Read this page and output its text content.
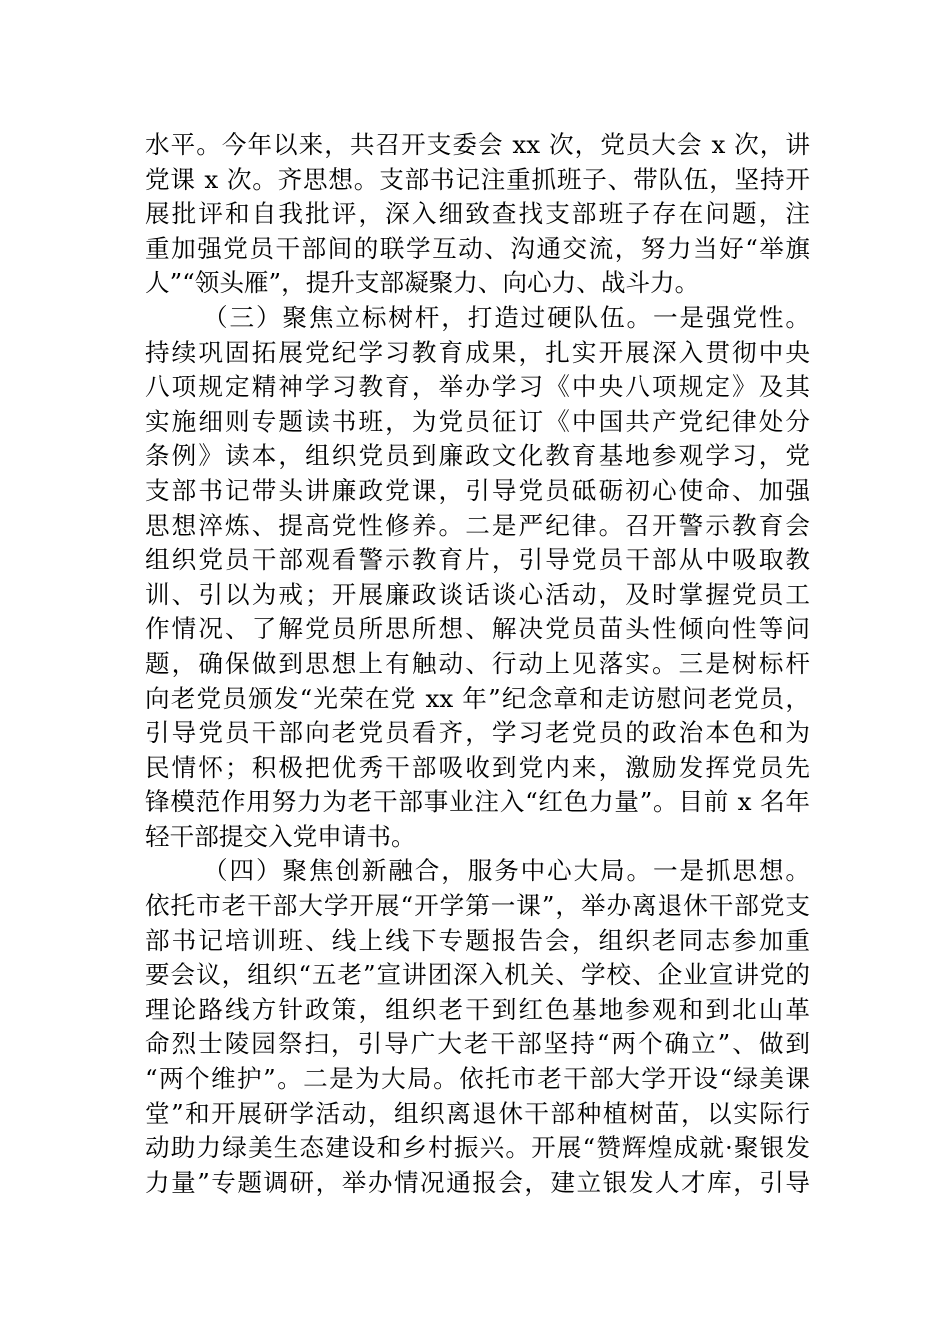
水平。今年以来，共召开支委会 xx 次，党员大会 x 次，讲
党课 x 次。齐思想。支部书记注重抓班子、带队伍，坚持开
展批评和自我批评，深入细致查找支部班子存在问题，注
重加强党员干部间的联学互动、沟通交流，努力当好“举旗
人”“领头雁”，提升支部凝聚力、向心力、战斗力。
（三）聚焦立标树杆，打造过硬队伍。一是强党性。
持续巩固拓展党纪学习教育成果，扎实开展深入贯彻中央
八项规定精神学习教育，举办学习《中央八项规定》及其
实施细则专题读书班，为党员征订《中国共产党纪律处分
条例》读本，组织党员到廉政文化教育基地参观学习，党
支部书记带头讲廉政党课，引导党员砥砺初心使命、加强
思想淬炼、提高党性修养。二是严纪律。召开警示教育会
组织党员干部观看警示教育片，引导党员干部从中吸取教
训、引以为戒；开展廉政谈话谈心活动，及时掌握党员工
作情况、了解党员所思所想、解决党员苗头性倾向性等问
题，确保做到思想上有触动、行动上见落实。三是树标杆
向老党员颁发“光荣在党 xx 年”纪念章和走访慰问老党员，
引导党员干部向老党员看齐，学习老党员的政治本色和为
民情怀；积极把优秀干部吸收到党内来，激励发挥党员先
锋模范作用努力为老干部事业注入“红色力量”。目前 x 名年
轻干部提交入党申请书。
（四）聚焦创新融合，服务中心大局。一是抓思想。
依托市老干部大学开展“开学第一课”，举办离退休干部党支
部书记培训班、线上线下专题报告会，组织老同志参加重
要会议，组织“五老”宣讲团深入机关、学校、企业宣讲党的
理论路线方针政策，组织老干到红色基地参观和到北山革
命烈士陵园祭扫，引导广大老干部坚持“两个确立”、做到
“两个维护”。二是为大局。依托市老干部大学开设“绿美课
堂”和开展研学活动，组织离退休干部种植树苗，以实际行
动助力绿美生态建设和乡村振兴。开展“赞辉煌成就·聚银发
力量”专题调研，举办情况通报会，建立银发人才库，引导
